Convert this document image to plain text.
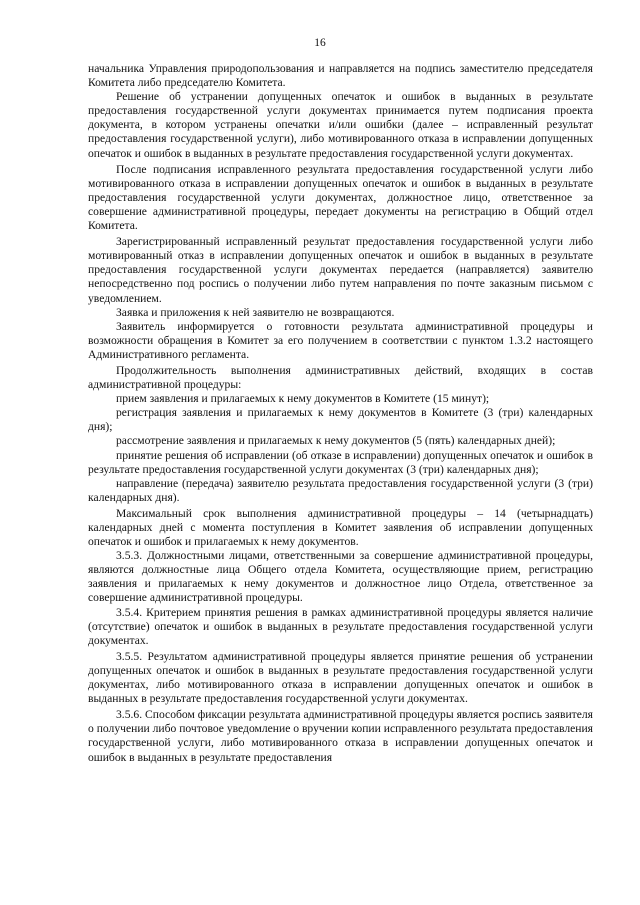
16

начальника Управления природопользования и направляется на подпись заместителю председателя Комитета либо председателю Комитета.

Решение об устранении допущенных опечаток и ошибок в выданных в результате предоставления государственной услуги документах принимается путем подписания проекта документа, в котором устранены опечатки и/или ошибки (далее – исправленный результат предоставления государственной услуги), либо мотивированного отказа в исправлении допущенных опечаток и ошибок в выданных в результате предоставления государственной услуги документах.

После подписания исправленного результата предоставления государственной услуги либо мотивированного отказа в исправлении допущенных опечаток и ошибок в выданных в результате предоставления государственной услуги документах, должностное лицо, ответственное за совершение административной процедуры, передает документы на регистрацию в Общий отдел Комитета.

Зарегистрированный исправленный результат предоставления государственной услуги либо мотивированный отказ в исправлении допущенных опечаток и ошибок в выданных в результате предоставления государственной услуги документах передается (направляется) заявителю непосредственно под роспись о получении либо путем направления по почте заказным письмом с уведомлением.

Заявка и приложения к ней заявителю не возвращаются.

Заявитель информируется о готовности результата административной процедуры и возможности обращения в Комитет за его получением в соответствии с пунктом 1.3.2 настоящего Административного регламента.

Продолжительность выполнения административных действий, входящих в состав административной процедуры:

прием заявления и прилагаемых к нему документов в Комитете (15 минут);

регистрация заявления и прилагаемых к нему документов в Комитете (3 (три) календарных дня);

рассмотрение заявления и прилагаемых к нему документов (5 (пять) календарных дней);

принятие решения об исправлении (об отказе в исправлении) допущенных опечаток и ошибок в результате предоставления государственной услуги документах (3 (три) календарных дня);

направление (передача) заявителю результата предоставления государственной услуги (3 (три) календарных дня).

Максимальный срок выполнения административной процедуры – 14 (четырнадцать) календарных дней с момента поступления в Комитет заявления об исправлении допущенных опечаток и ошибок и прилагаемых к нему документов.

3.5.3. Должностными лицами, ответственными за совершение административной процедуры, являются должностные лица Общего отдела Комитета, осуществляющие прием, регистрацию заявления и прилагаемых к нему документов и должностное лицо Отдела, ответственное за совершение административной процедуры.

3.5.4. Критерием принятия решения в рамках административной процедуры является наличие (отсутствие) опечаток и ошибок в выданных в результате предоставления государственной услуги документах.

3.5.5. Результатом административной процедуры является принятие решения об устранении допущенных опечаток и ошибок в выданных в результате предоставления государственной услуги документах, либо мотивированного отказа в исправлении допущенных опечаток и ошибок в выданных в результате предоставления государственной услуги документах.

3.5.6. Способом фиксации результата административной процедуры является роспись заявителя о получении либо почтовое уведомление о вручении копии исправленного результата предоставления государственной услуги, либо мотивированного отказа в исправлении допущенных опечаток и ошибок в выданных в результате предоставления
